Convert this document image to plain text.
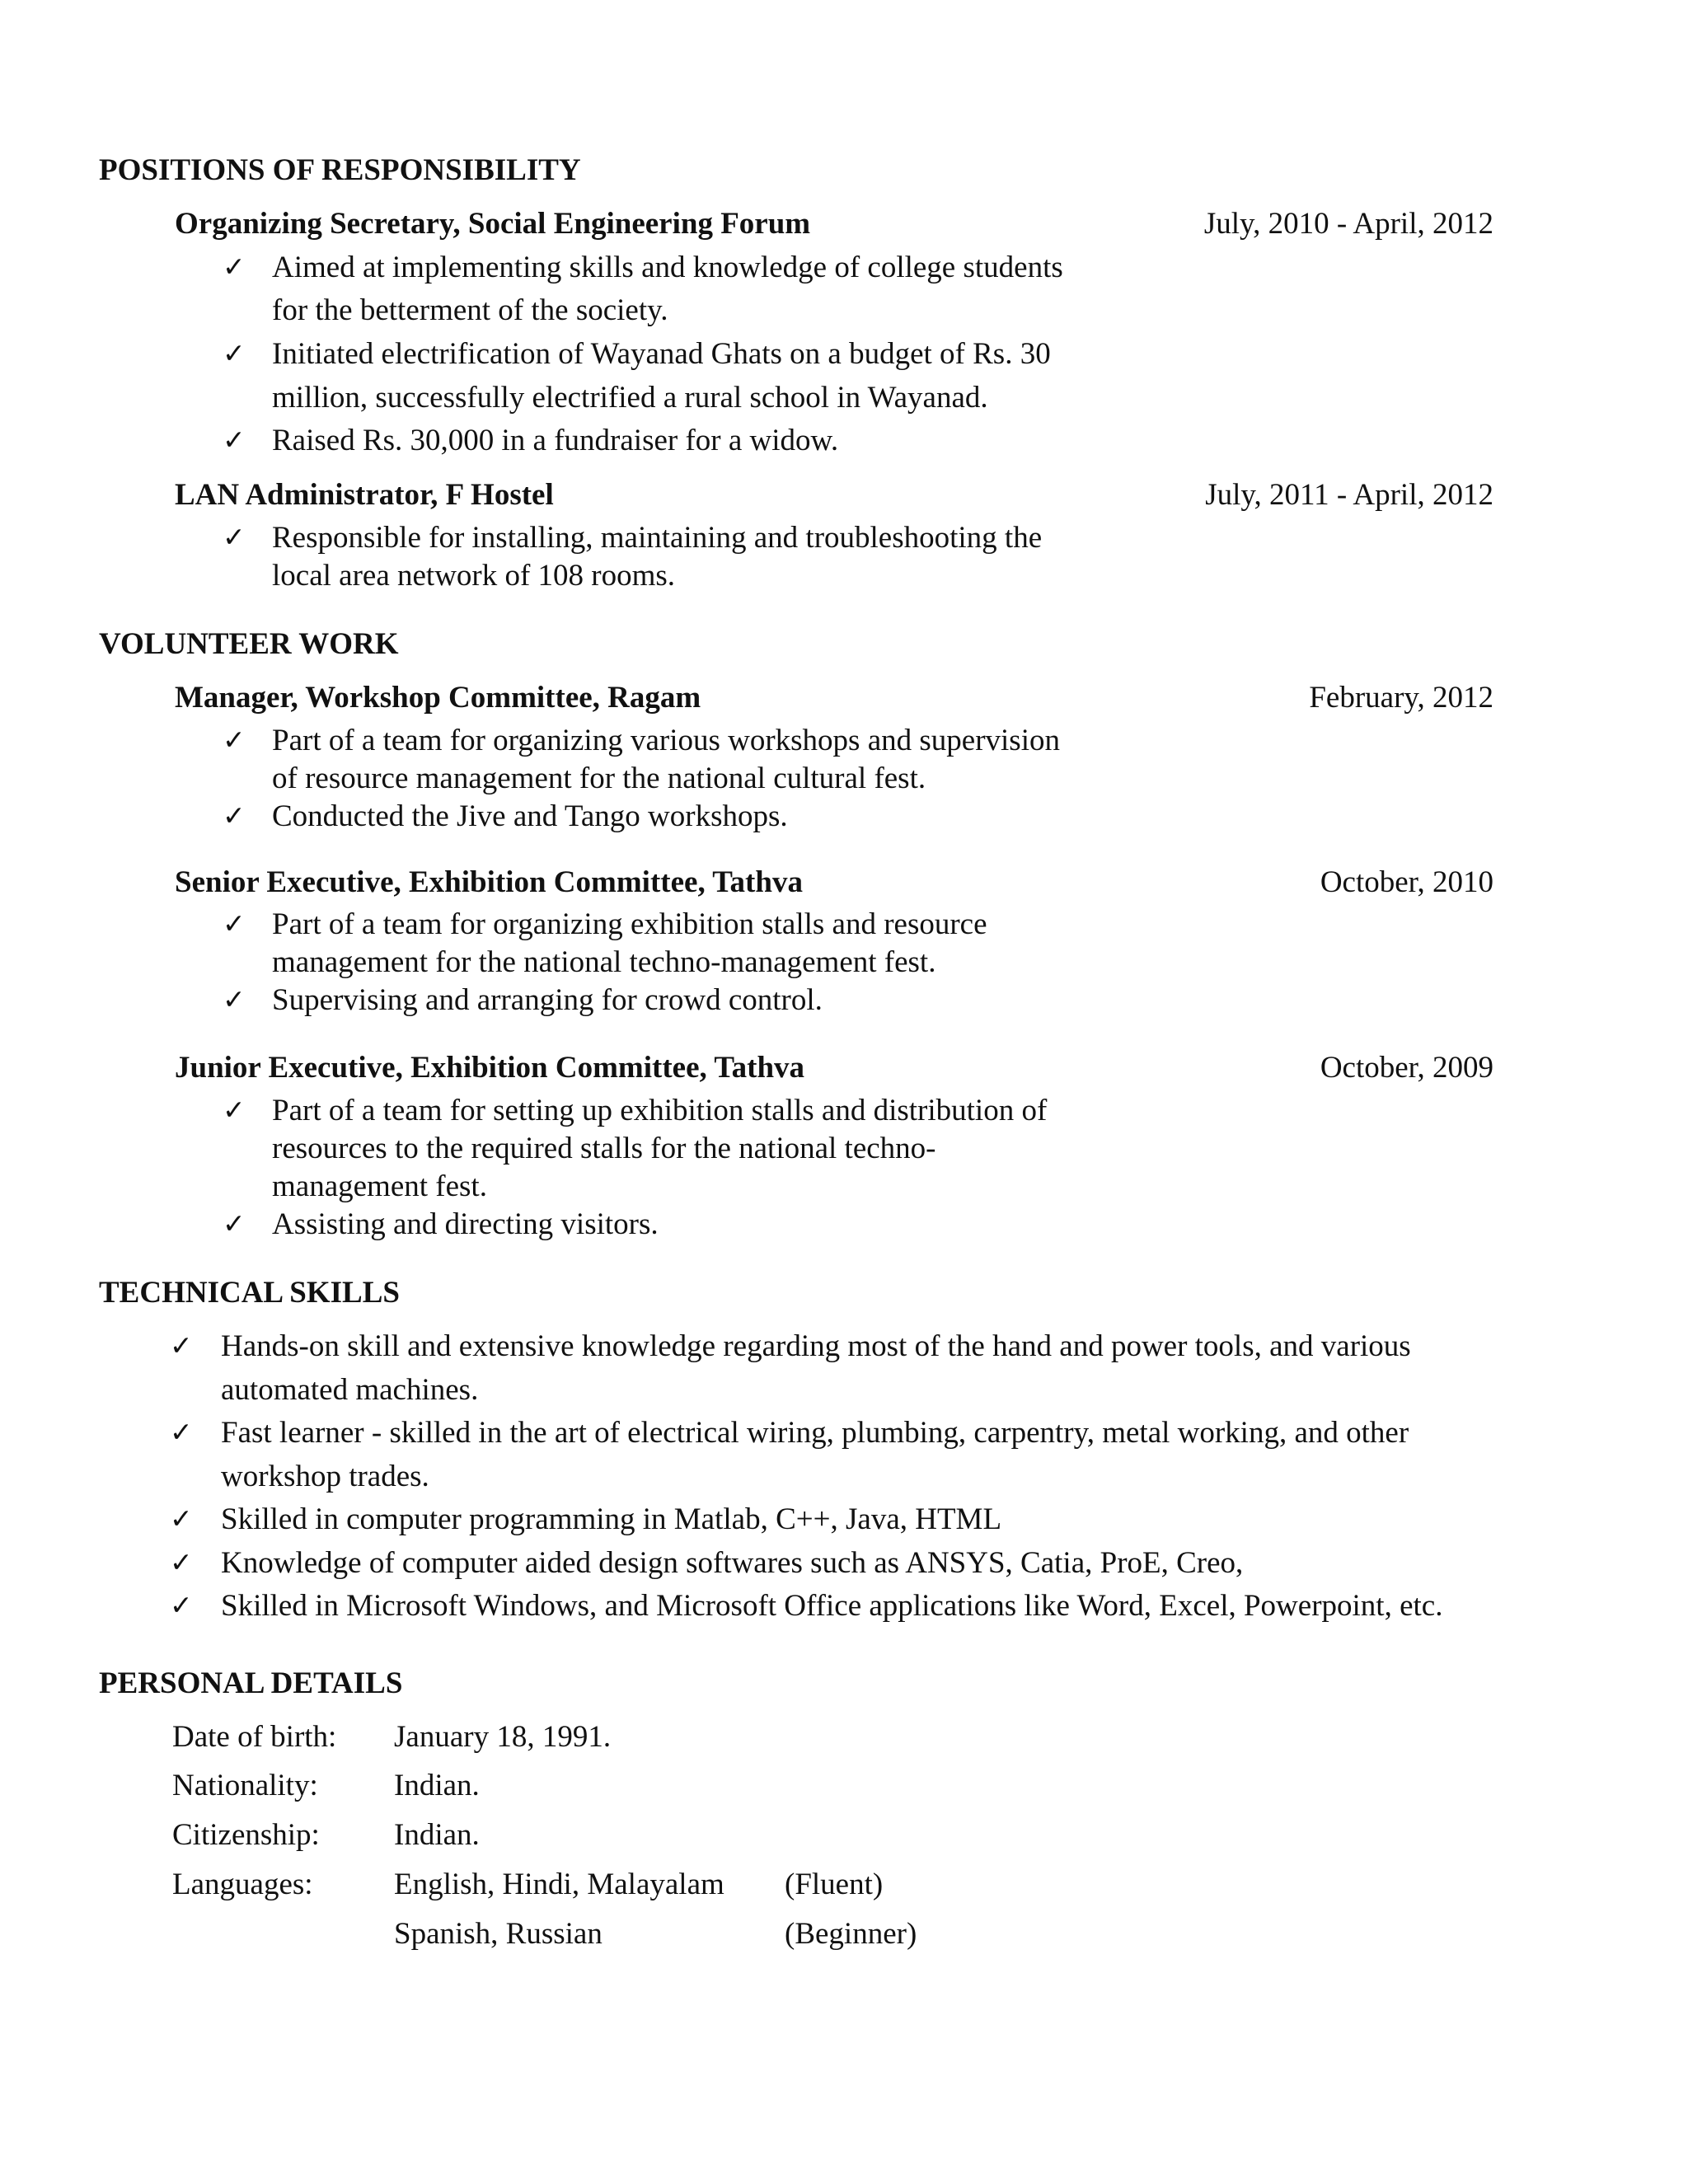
POSITIONS OF RESPONSIBILITY
Organizing Secretary, Social Engineering Forum	July, 2010 - April, 2012
✓ Aimed at implementing skills and knowledge of college students
for the betterment of the society.
✓ Initiated electrification of Wayanad Ghats on a budget of Rs. 30
million, successfully electrified a rural school in Wayanad.
✓ Raised Rs. 30,000 in a fundraiser for a widow.
LAN Administrator, F Hostel	July, 2011 - April, 2012
✓ Responsible for installing, maintaining and troubleshooting the
local area network of 108 rooms.
VOLUNTEER WORK
Manager, Workshop Committee, Ragam	February, 2012
✓ Part of a team for organizing various workshops and supervision
of resource management for the national cultural fest.
✓ Conducted the Jive and Tango workshops.
Senior Executive, Exhibition Committee, Tathva	October, 2010
✓ Part of a team for organizing exhibition stalls and resource
management for the national techno-management fest.
✓ Supervising and arranging for crowd control.
Junior Executive, Exhibition Committee, Tathva	October, 2009
✓ Part of a team for setting up exhibition stalls and distribution of
resources to the required stalls for the national techno-
management fest.
✓ Assisting and directing visitors.
TECHNICAL SKILLS
✓ Hands-on skill and extensive knowledge regarding most of the hand and power tools, and various
automated machines.
✓ Fast learner - skilled in the art of electrical wiring, plumbing, carpentry, metal working, and other
workshop trades.
✓ Skilled in computer programming in Matlab, C++, Java, HTML
✓ Knowledge of computer aided design softwares such as ANSYS, Catia, ProE, Creo,
✓ Skilled in Microsoft Windows, and Microsoft Office applications like Word, Excel, Powerpoint, etc.
PERSONAL DETAILS
Date of birth: January 18, 1991.
Nationality: Indian.
Citizenship: Indian.
Languages:	English, Hindi, Malayalam (Fluent)
Spanish, Russian	(Beginner)
